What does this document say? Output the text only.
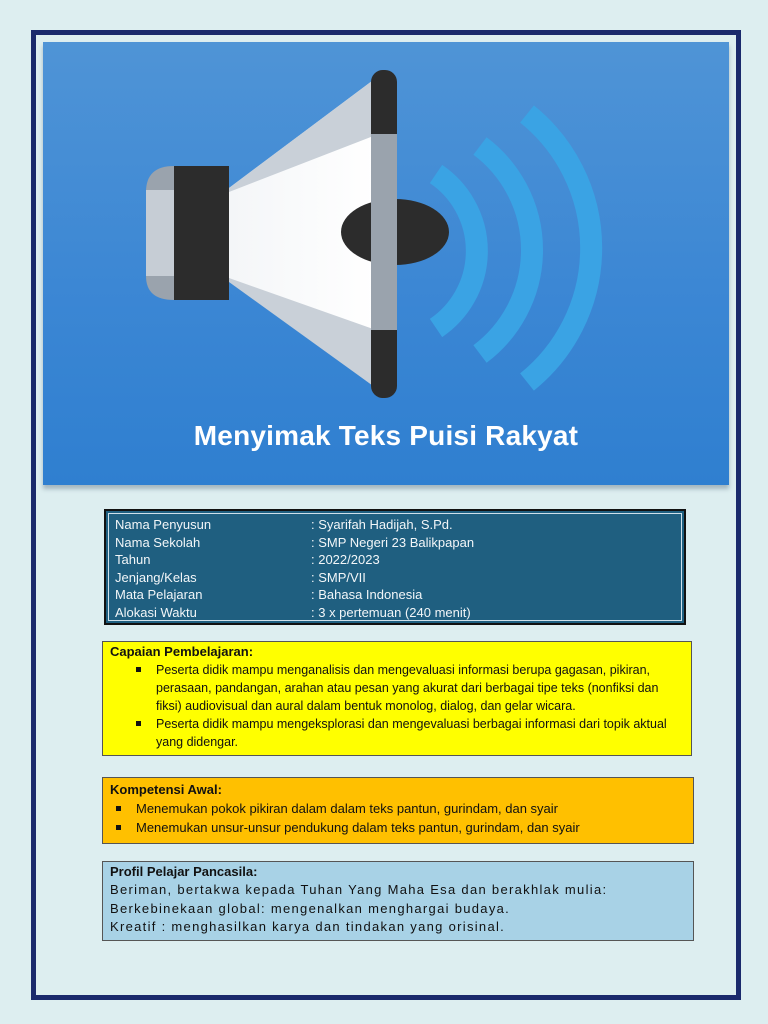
Menyimak Teks Puisi Rakyat
Nama Penyusun	: Syarifah Hadijah, S.Pd.
Nama Sekolah	: SMP Negeri 23 Balikpapan
Tahun	: 2022/2023
Jenjang/Kelas	: SMP/VII
Mata Pelajaran	: Bahasa Indonesia
Alokasi Waktu	: 3 x pertemuan (240 menit)
Capaian Pembelajaran:
Peserta didik mampu menganalisis dan mengevaluasi informasi berupa gagasan, pikiran, perasaan, pandangan, arahan atau pesan yang akurat dari berbagai tipe teks (nonfiksi dan fiksi) audiovisual dan aural dalam bentuk monolog, dialog, dan gelar wicara.
Peserta didik mampu mengeksplorasi dan mengevaluasi berbagai informasi dari topik aktual yang didengar.
Kompetensi Awal:
Menemukan pokok pikiran dalam dalam teks pantun, gurindam, dan syair
Menemukan unsur-unsur pendukung dalam teks pantun, gurindam, dan syair
Profil Pelajar Pancasila:
Beriman, bertakwa kepada Tuhan Yang Maha Esa dan berakhlak mulia:
Berkebinekaan global: mengenalkan menghargai budaya.
Kreatif : menghasilkan karya dan tindakan yang orisinal.
